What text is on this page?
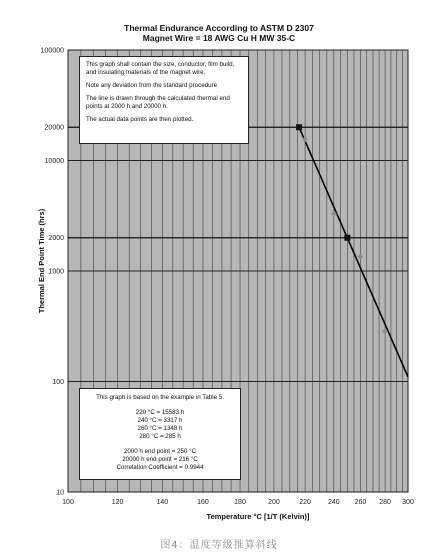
Thermal Endurance According to ASTM D 2307
Magnet Wire = 18 AWG Cu H MW 35-C
100	120	140	160	180	200	220 240 260 280 300
10
100
1000
2000
10000
20000
100000
Temperature °C [1/T (Kelvin)]
Thermal End Point Time (hrs)

This graph shall contain the size, conductor, film build, and insulating materials of the magnet wire.

Note any deviation from the standard procedure

The line is drawn through the calculated thermal end points at 2000 h and 20000 h.

The actual data points are then plotted.

This graph is based on the example in Table 5.

220 °C = 15583 h

240 °C = 3317 h

260 °C = 1348 h

280 °C = 285 h

2000 h end point = 250 °C

20000 h end point = 216 °C

Correlation Coefficient = 0.9944

图4：温度等级推算斜线
